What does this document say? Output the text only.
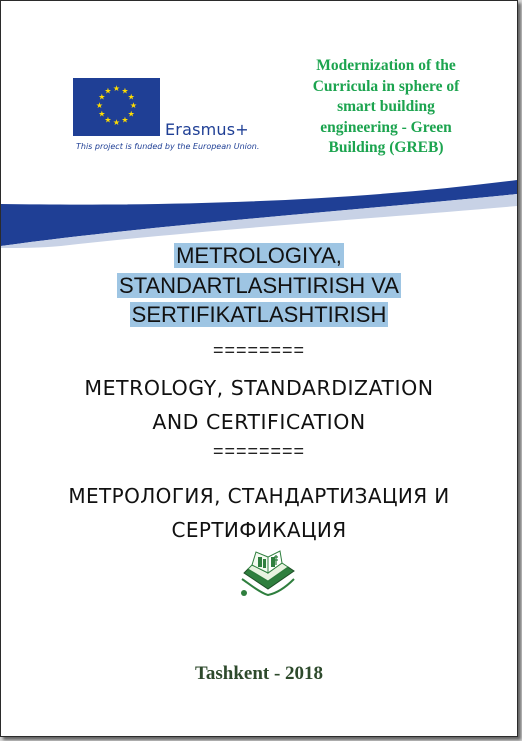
★ ★
★
★
★
★
★
★
★
★
★
★
Erasmus+
This project is funded by the European Union.
Modernization of the
Curricula in sphere of
smart building
engineering - Green
Building (GREB)
METROLOGIYA,
STANDARTLASHTIRISH VA
SERTIFIKATLASHTIRISH
========
METROLOGY, STANDARDIZATION
AND CERTIFICATION
========
МЕТРОЛОГИЯ, СТАНДАРТИЗАЦИЯ И
СЕРТИФИКАЦИЯ
Tashkent - 2018
